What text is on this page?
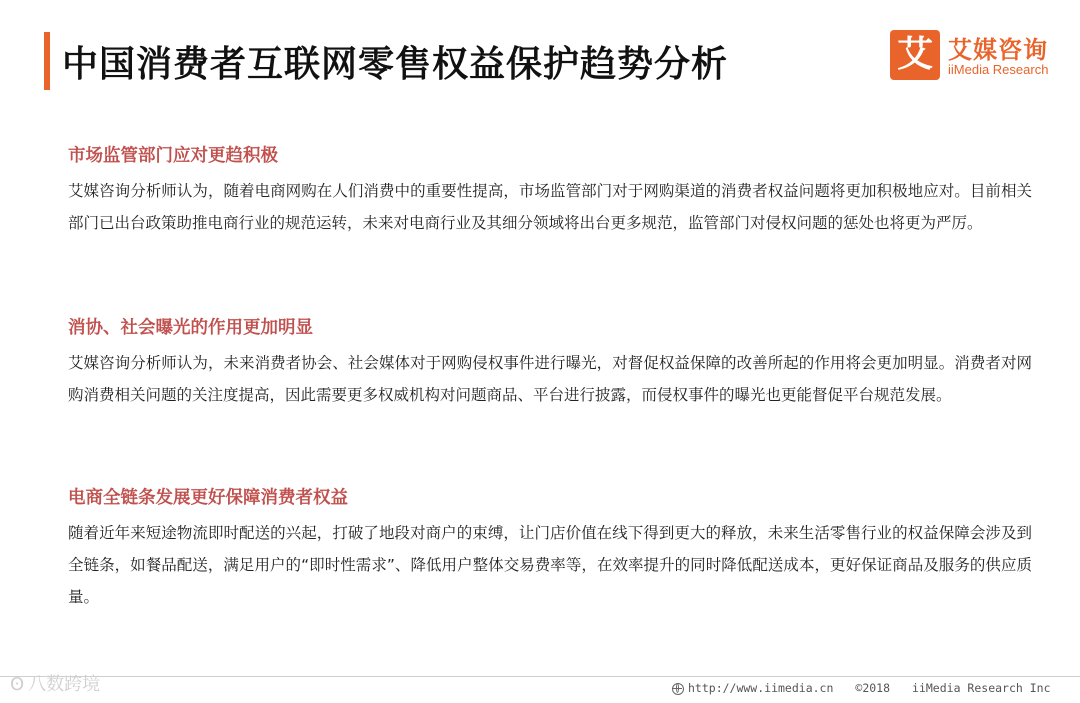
中国消费者互联网零售权益保护趋势分析	艾 艾媒咨询
iiMedia Research

市场监管部门应对更趋积极

艾媒咨询分析师认为，随着电商网购在人们消费中的重要性提高，市场监管部门对于网购渠道的消费者权益问题将更加积极地应对。目前相关部门已出台政策助推电商行业的规范运转，未来对电商行业及其细分领域将出台更多规范，监管部门对侵权问题的惩处也将更为严厉。

消协、社会曝光的作用更加明显

艾媒咨询分析师认为，未来消费者协会、社会媒体对于网购侵权事件进行曝光，对督促权益保障的改善所起的作用将会更加明显。消费者对网购消费相关问题的关注度提高，因此需要更多权威机构对问题商品、平台进行披露，而侵权事件的曝光也更能督促平台规范发展。

电商全链条发展更好保障消费者权益

随着近年来短途物流即时配送的兴起，打破了地段对商户的束缚，让门店价值在线下得到更大的释放，未来生活零售行业的权益保障会涉及到全链条，如餐品配送，满足用户的“即时性需求”、降低用户整体交易费率等，在效率提升的同时降低配送成本，更好保证商品及服务的供应质量。

ʘ 八数跨境	http://www.iimedia.cn ©2018 iiMedia Research Inc
